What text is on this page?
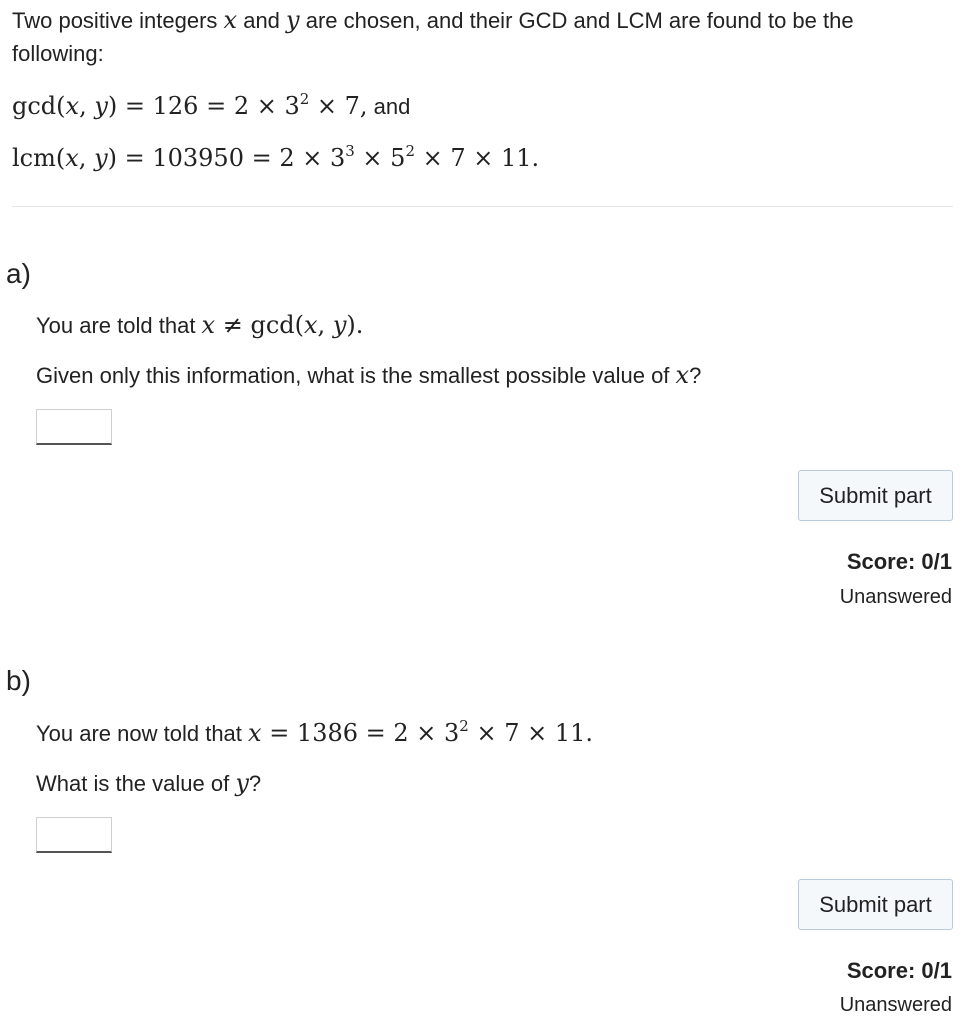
Two positive integers x and y are chosen, and their GCD and LCM are found to be the
following:
gcd(x, $y) = 126 = 2 \times 3^2 \times 7$, and
lcm(x, $y) = 103950 = 2 \times 3^3 \times 5^2 \times 7 \times 11$.
a)
You are told that x ≠ gcd(x, y).
Given only this information, what is the smallest possible value of x?
Submit part
Score: 0/1
Unanswered
b)
You are now told that $x = 1386 = 2 \times 3^2 \times 7 \times 11$.
What is the value of y?
Submit part
Score: 0/1
Unanswered
